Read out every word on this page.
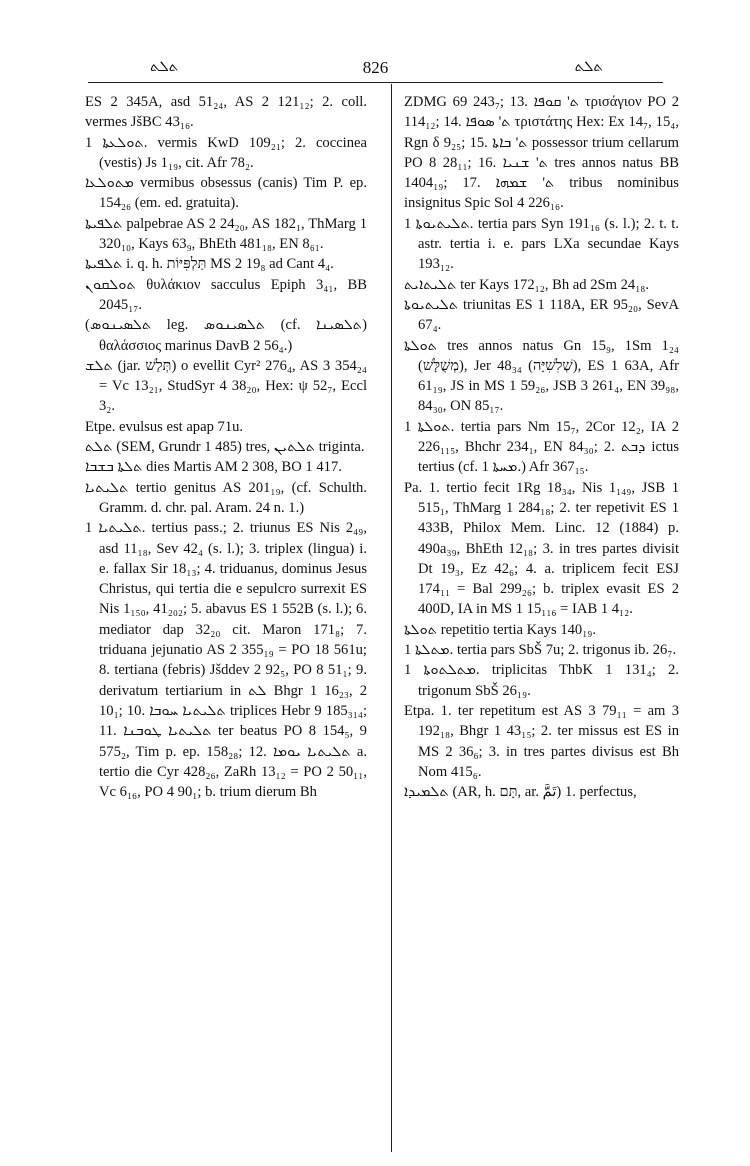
ܬܠܬ	826	ܬܠܬ

ES 2 345A, asd 51₂₄, AS 2 121₁₂; 2. coll. vermes JšBC 43₁₆.

ܬܘܠܥܬܐ 1. vermis KwD 109₂₁; 2. coccinea (vestis) Js 1₁₉, cit. Afr 78₂.

ܡܬܘܠܥܐ vermibus obsessus (canis) Tim P. ep. 154₂₆ (em. ed. gratuita).

ܬܠܦܝܬܐ palpebrae AS 2 24₂₀, AS 182₁, ThMarg 1 320₁₀, Kays 63₉, BhEth 481₁₈, EN 8₆₁.

ܬܠܦܝܬܐ i. q. h. תַּלְפִּיּוֹת MS 2 19₈ ad Cant 4₄.

ܬܘܠܩܘܢ θυλάκιον sacculus Epiph 3₄₁, BB 2045₁₇.

(ܬܠܣܝܢܘܣ leg. ܬܠܣܝܢܘܣ (cf. ܬܠܣܝܢܐ) θαλάσσιος marinus DavB 2 56₄.)

ܬܠܫ (jar. תְּלַשׁ) o evellit Cyr² 276₄, AS 3 354₂₄ = Vc 13₂₁, StudSyr 4 38₂₀, Hex: ψ 52₇, Eccl 3₂.

Etpe. evulsus est apap 71u.

ܬܠܬ (SEM, Grundr 1 485) tres, ܬܠܬܝܢ triginta.

ܬܠܬܐ ܒܫܒܐ dies Martis AM 2 308, BO 1 417.

ܬܠܝܬܝܐ tertio genitus AS 201₁₉, (cf. Schulth. Gramm. d. chr. pal. Aram. 24 n. 1.)

ܬܠܝܬܝܐ 1. tertius pass.; 2. triunus ES Nis 2₄₉, asd 11₁₈, Sev 42₄ (s. l.); 3. triplex (lingua) i. e. fallax Sir 18₁₃; 4. triduanus, dominus Jesus Christus, qui tertia die e sepulcro surrexit ES Nis 1₁₅₀, 41₂₀₂; 5. abavus ES 1 552B (s. l.); 6. mediator dap 32₂₀ cit. Maron 171₈; 7. triduana jejunatio AS 2 355₁₉ = PO 18 561u; 8. tertiana (febris) Jšddev 2 92₅, PO 8 51₁; 9. derivatum tertiarium in ܠܬ Bhgr 1 16₂₃, 2 10₁; 10. ܬܠܝܬܝܐ ܚܘܒܐ triplices Hebr 9 185₃₁₄; 11. ܬܠܝܬܝܐ ܛܘܒܢܐ ter beatus PO 8 154₅, 9 575₂, Tim p. ep. 158₂₈; 12. ܬܠܝܬܝܐ ܝܘܡܐ a. tertio die Cyr 428₂₆, ZaRh 13₁₂ = PO 2 50₁₁, Vc 6₁₆, PO 4 90₁; b. trium dierum Bh

ZDMG 69 243₇; 13. ܬ' ܩܘܦܐ τρισάγιον PO 2 114₁₂; 14. ܬ' ܣܘܦܐ τριστάτης Hex: Ex 14₇, 15₄, Rgn δ 9₂₅; 15. ܬ' ܒܐܬܐ possessor trium cellarum PO 8 28₁₁; 16. ܬ' ܫܢܝܐ tres annos natus BB 1404₁₉; 17. ܬ' ܫܡܗܐ tribus nominibus insignitus Spic Sol 4 226₁₆.

ܬܠܝܬܝܘܬܐ 1. tertia pars Syn 191₁₆ (s. l.); 2. t. t. astr. tertia i. e. pars LXa secundae Kays 193₁₂.

ܬܠܝܬܐܝܬ ter Kays 172₁₂, Bh ad 2Sm 24₁₈.

ܬܠܝܬܝܘܬܐ triunitas ES 1 118A, ER 95₂₀, SevA 67₄.

ܬܘܠܬܐ tres annos natus Gn 15₉, 1Sm 1₂₄ (מְשֻׁלָּשׁ), Jer 48₃₄ (שְׁלִשִׁיָּה), ES 1 63A, Afr 61₁₉, JS in MS 1 59₂₆, JSB 3 261₄, EN 39₉₈, 84₃₀, ON 85₁₇.

ܬܘܠܬܐ 1. tertia pars Nm 15₇, 2Cor 12₂, IA 2 226₁₁₅, Bhchr 234₁, EN 84₃₀; 2. ܕܒܬ ictus tertius (cf. ܡܚܬܐ 1.) Afr 367₁₅.

Pa. 1. tertio fecit 1Rg 18₃₄, Nis 1₁₄₉, JSB 1 515₁, ThMarg 1 284₁₈; 2. ter repetivit ES 1 433B, Philox Mem. Linc. 12 (1884) p. 490a₃₉, BhEth 12₁₈; 3. in tres partes divisit Dt 19₃, Ez 42₆; 4. a. triplicem fecit ESJ 174₁₁ = Bal 299₂₆; b. triplex evasit ES 2 400D, IA in MS 1 15₁₁₆ = IAB 1 4₁₂.

ܬܘܠܬܐ repetitio tertia Kays 140₁₉.

ܡܬܠܬܐ 1. tertia pars SbŠ 7u; 2. trigonus ib. 26₇.

ܡܬܠܬܘܬܐ 1. triplicitas ThbK 1 131₄; 2. trigonum SbŠ 26₁₉.

Etpa. 1. ter repetitum est AS 3 79₁₁ = am 3 192₁₈, Bhgr 1 43₁₅; 2. ter missus est ES in MS 2 36₆; 3. in tres partes divisus est Bh Nom 415₆.

ܬܠܡܝܕܐ (AR, h. תָּם, ar. تَمَّ) 1. perfectus,
